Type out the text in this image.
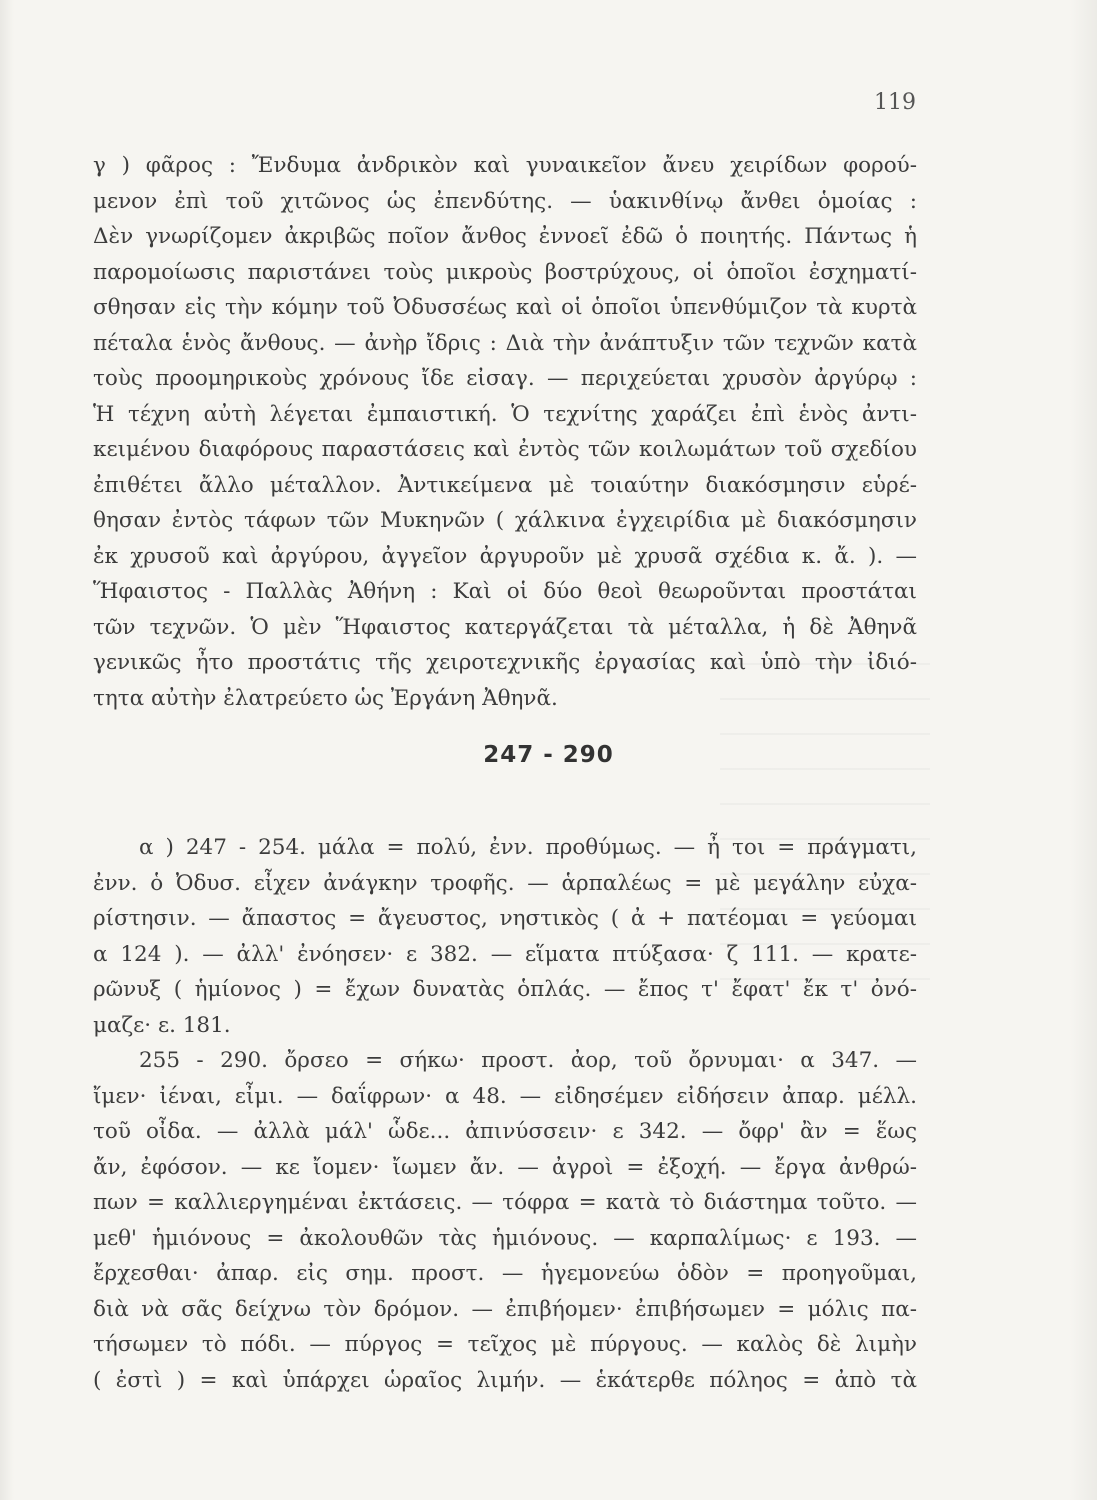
119
γ ) φᾶρος : Ἔνδυμα ἀνδρικὸν καὶ γυναικεῖον ἄνευ χειρίδων φορού-
μενον ἐπὶ τοῦ χιτῶνος ὡς ἐπενδύτης. — ὑακινθίνῳ ἄνθει ὁμοίας :
Δὲν γνωρίζομεν ἀκριβῶς ποῖον ἄνθος ἐννοεῖ ἐδῶ ὁ ποιητής. Πάντως ἡ
παρομοίωσις παριστάνει τοὺς μικροὺς βοστρύχους, οἱ ὁποῖοι ἐσχηματί-
σθησαν εἰς τὴν κόμην τοῦ Ὀδυσσέως καὶ οἱ ὁποῖοι ὑπενθύμιζον τὰ κυρτὰ
πέταλα ἑνὸς ἄνθους. — ἀνὴρ ἴδρις : Διὰ τὴν ἀνάπτυξιν τῶν τεχνῶν κατὰ
τοὺς προομηρικοὺς χρόνους ἴδε εἰσαγ. — περιχεύεται χρυσὸν ἀργύρῳ :
Ἡ τέχνη αὐτὴ λέγεται ἐμπαιστική. Ὁ τεχνίτης χαράζει ἐπὶ ἑνὸς ἀντι-
κειμένου διαφόρους παραστάσεις καὶ ἐντὸς τῶν κοιλωμάτων τοῦ σχεδίου
ἐπιθέτει ἄλλο μέταλλον. Ἀντικείμενα μὲ τοιαύτην διακόσμησιν εὑρέ-
θησαν ἐντὸς τάφων τῶν Μυκηνῶν ( χάλκινα ἐγχειρίδια μὲ διακόσμησιν
ἐκ χρυσοῦ καὶ ἀργύρου, ἀγγεῖον ἀργυροῦν μὲ χρυσᾶ σχέδια κ. ἄ. ). —
Ἥφαιστος - Παλλὰς Ἀθήνη : Καὶ οἱ δύο θεοὶ θεωροῦνται προστάται
τῶν τεχνῶν. Ὁ μὲν Ἥφαιστος κατεργάζεται τὰ μέταλλα, ἡ δὲ Ἀθηνᾶ
γενικῶς ἦτο προστάτις τῆς χειροτεχνικῆς ἐργασίας καὶ ὑπὸ τὴν ἰδιό-
τητα αὐτὴν ἐλατρεύετο ὡς Ἐργάνη Ἀθηνᾶ.
247 - 290
α ) 247 - 254. μάλα = πολύ, ἐνν. προθύμως. — ἦ τοι = πράγματι,
ἐνν. ὁ Ὀδυσ. εἶχεν ἀνάγκην τροφῆς. — ἁρπαλέως = μὲ μεγάλην εὐχα-
ρίστησιν. — ἄπαστος = ἄγευστος, νηστικὸς ( ἀ + πατέομαι = γεύομαι
α 124 ). — ἀλλ' ἐνόησεν· ε 382. — εἵματα πτύξασα· ζ 111. — κρατε-
ρῶνυξ ( ἡμίονος ) = ἔχων δυνατὰς ὁπλάς. — ἔπος τ' ἔφατ' ἔκ τ' ὀνό-
μαζε· ε. 181.
255 - 290. ὄρσεο = σήκω· προστ. ἀορ, τοῦ ὄρνυμαι· α 347. —
ἴμεν· ἰέναι, εἶμι. — δαΐφρων· α 48. — εἰδησέμεν εἰδήσειν ἀπαρ. μέλλ.
τοῦ οἶδα. — ἀλλὰ μάλ' ὧδε... ἀπινύσσειν· ε 342. — ὄφρ' ἂν = ἕως
ἄν, ἐφόσον. — κε ἴομεν· ἴωμεν ἄν. — ἀγροὶ = ἐξοχή. — ἔργα ἀνθρώ-
πων = καλλιεργημέναι ἐκτάσεις. — τόφρα = κατὰ τὸ διάστημα τοῦτο. —
μεθ' ἡμιόνους = ἀκολουθῶν τὰς ἡμιόνους. — καρπαλίμως· ε 193. —
ἔρχεσθαι· ἀπαρ. εἰς σημ. προστ. — ἡγεμονεύω ὁδὸν = προηγοῦμαι,
διὰ νὰ σᾶς δείχνω τὸν δρόμον. — ἐπιβήομεν· ἐπιβήσωμεν = μόλις πα-
τήσωμεν τὸ πόδι. — πύργος = τεῖχος μὲ πύργους. — καλὸς δὲ λιμὴν
( ἐστὶ ) = καὶ ὑπάρχει ὡραῖος λιμήν. — ἑκάτερθε πόληος = ἀπὸ τὰ
